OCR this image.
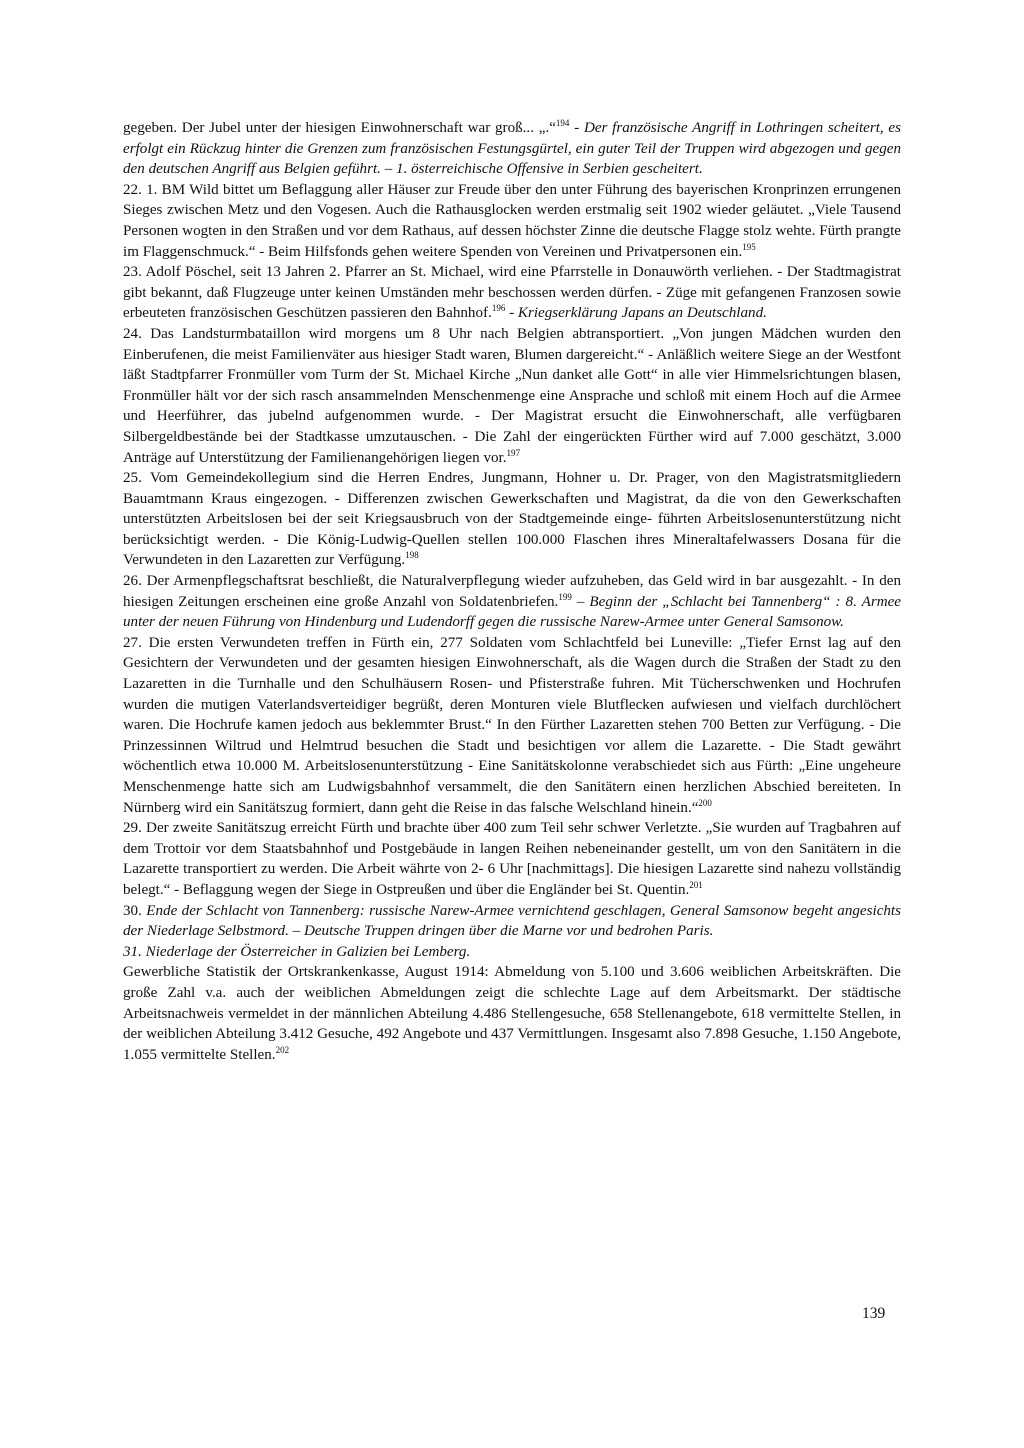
gegeben. Der Jubel unter der hiesigen Einwohnerschaft war groß... „.“$^{194}$ - Der französische Angriff in Lothringen scheitert, es erfolgt ein Rückzug hinter die Grenzen zum französischen Festungsgürtel, ein guter Teil der Truppen wird abgezogen und gegen den deutschen Angriff aus Belgien geführt. – 1. österreichische Offensive in Serbien gescheitert.

22. 1. BM Wild bittet um Beflaggung aller Häuser zur Freude über den unter Führung des bayerischen Kronprinzen errungenen Sieges zwischen Metz und den Vogesen. Auch die Rathausglocken werden erstmalig seit 1902 wieder geläutet. „Viele Tausend Personen wogten in den Straßen und vor dem Rathaus, auf dessen höchster Zinne die deutsche Flagge stolz wehte. Fürth prangte im Flaggenschmuck.“ - Beim Hilfsfonds gehen weitere Spenden von Vereinen und Privatpersonen ein.$^{195}$

23. Adolf Pöschel, seit 13 Jahren 2. Pfarrer an St. Michael, wird eine Pfarrstelle in Donauwörth verliehen. - Der Stadtmagistrat gibt bekannt, daß Flugzeuge unter keinen Umständen mehr beschossen werden dürfen. - Züge mit gefangenen Franzosen sowie erbeuteten französischen Geschützen passieren den Bahnhof.$^{196}$ - Kriegserklärung Japans an Deutschland.

24. Das Landsturmbataillon wird morgens um 8 Uhr nach Belgien abtransportiert. „Von jungen Mädchen wurden den Einberufenen, die meist Familienväter aus hiesiger Stadt waren, Blumen dargereicht.“ - Anläßlich weitere Siege an der Westfont läßt Stadtpfarrer Fronmüller vom Turm der St. Michael Kirche „Nun danket alle Gott“ in alle vier Himmelsrichtungen blasen, Fronmüller hält vor der sich rasch ansammelnden Menschenmenge eine Ansprache und schloß mit einem Hoch auf die Armee und Heerführer, das jubelnd aufgenommen wurde. - Der Magistrat ersucht die Einwohnerschaft, alle verfügbaren Silbergeldbestände bei der Stadtkasse umzutauschen. - Die Zahl der eingerückten Fürther wird auf 7.000 geschätzt, 3.000 Anträge auf Unterstützung der Familienangehörigen liegen vor.$^{197}$

25. Vom Gemeindekollegium sind die Herren Endres, Jungmann, Hohner u. Dr. Prager, von den Magistratsmitgliedern Bauamtmann Kraus eingezogen. - Differenzen zwischen Gewerkschaften und Magistrat, da die von den Gewerkschaften unterstützten Arbeitslosen bei der seit Kriegsausbruch von der Stadtgemeinde einge- führten Arbeitslosenunterstützung nicht berücksichtigt werden. - Die König-Ludwig-Quellen stellen 100.000 Flaschen ihres Mineraltafelwassers Dosana für die Verwundeten in den Lazaretten zur Verfügung.$^{198}$

26. Der Armenpflegschaftsrat beschließt, die Naturalverpflegung wieder aufzuheben, das Geld wird in bar ausgezahlt. - In den hiesigen Zeitungen erscheinen eine große Anzahl von Soldatenbriefen.$^{199}$ – Beginn der „Schlacht bei Tannenberg“ : 8. Armee unter der neuen Führung von Hindenburg und Ludendorff gegen die russische Narew-Armee unter General Samsonow.

27. Die ersten Verwundeten treffen in Fürth ein, 277 Soldaten vom Schlachtfeld bei Luneville: „Tiefer Ernst lag auf den Gesichtern der Verwundeten und der gesamten hiesigen Einwohnerschaft, als die Wagen durch die Straßen der Stadt zu den Lazaretten in die Turnhalle und den Schulhäusern Rosen- und Pfisterstraße fuhren. Mit Tücherschwenken und Hochrufen wurden die mutigen Vaterlandsverteidiger begrüßt, deren Monturen viele Blutflecken aufwiesen und vielfach durchlöchert waren. Die Hochrufe kamen jedoch aus beklemmter Brust.“ In den Fürther Lazaretten stehen 700 Betten zur Verfügung. - Die Prinzessinnen Wiltrud und Helmtrud besuchen die Stadt und besichtigen vor allem die Lazarette. - Die Stadt gewährt wöchentlich etwa 10.000 M. Arbeitslosenunterstützung - Eine Sanitätskolonne verabschiedet sich aus Fürth: „Eine ungeheure Menschenmenge hatte sich am Ludwigsbahnhof versammelt, die den Sanitätern einen herzlichen Abschied bereiteten. In Nürnberg wird ein Sanitätszug formiert, dann geht die Reise in das falsche Welschland hinein.“$^{200}$

29. Der zweite Sanitätszug erreicht Fürth und brachte über 400 zum Teil sehr schwer Verletzte. „Sie wurden auf Tragbahren auf dem Trottoir vor dem Staatsbahnhof und Postgebäude in langen Reihen nebeneinander gestellt, um von den Sanitätern in die Lazarette transportiert zu werden. Die Arbeit währte von 2- 6 Uhr [nachmittags]. Die hiesigen Lazarette sind nahezu vollständig belegt.“ - Beflaggung wegen der Siege in Ostpreußen und über die Engländer bei St. Quentin.$^{201}$

30. Ende der Schlacht von Tannenberg: russische Narew-Armee vernichtend geschlagen, General Samsonow begeht angesichts der Niederlage Selbstmord. – Deutsche Truppen dringen über die Marne vor und bedrohen Paris.

31. Niederlage der Österreicher in Galizien bei Lemberg.

Gewerbliche Statistik der Ortskrankenkasse, August 1914: Abmeldung von 5.100 und 3.606 weiblichen Arbeitskräften. Die große Zahl v.a. auch der weiblichen Abmeldungen zeigt die schlechte Lage auf dem Arbeitsmarkt. Der städtische Arbeitsnachweis vermeldet in der männlichen Abteilung 4.486 Stellengesuche, 658 Stellenangebote, 618 vermittelte Stellen, in der weiblichen Abteilung 3.412 Gesuche, 492 Angebote und 437 Vermittlungen. Insgesamt also 7.898 Gesuche, 1.150 Angebote, 1.055 vermittelte Stellen.$^{202}$

139
